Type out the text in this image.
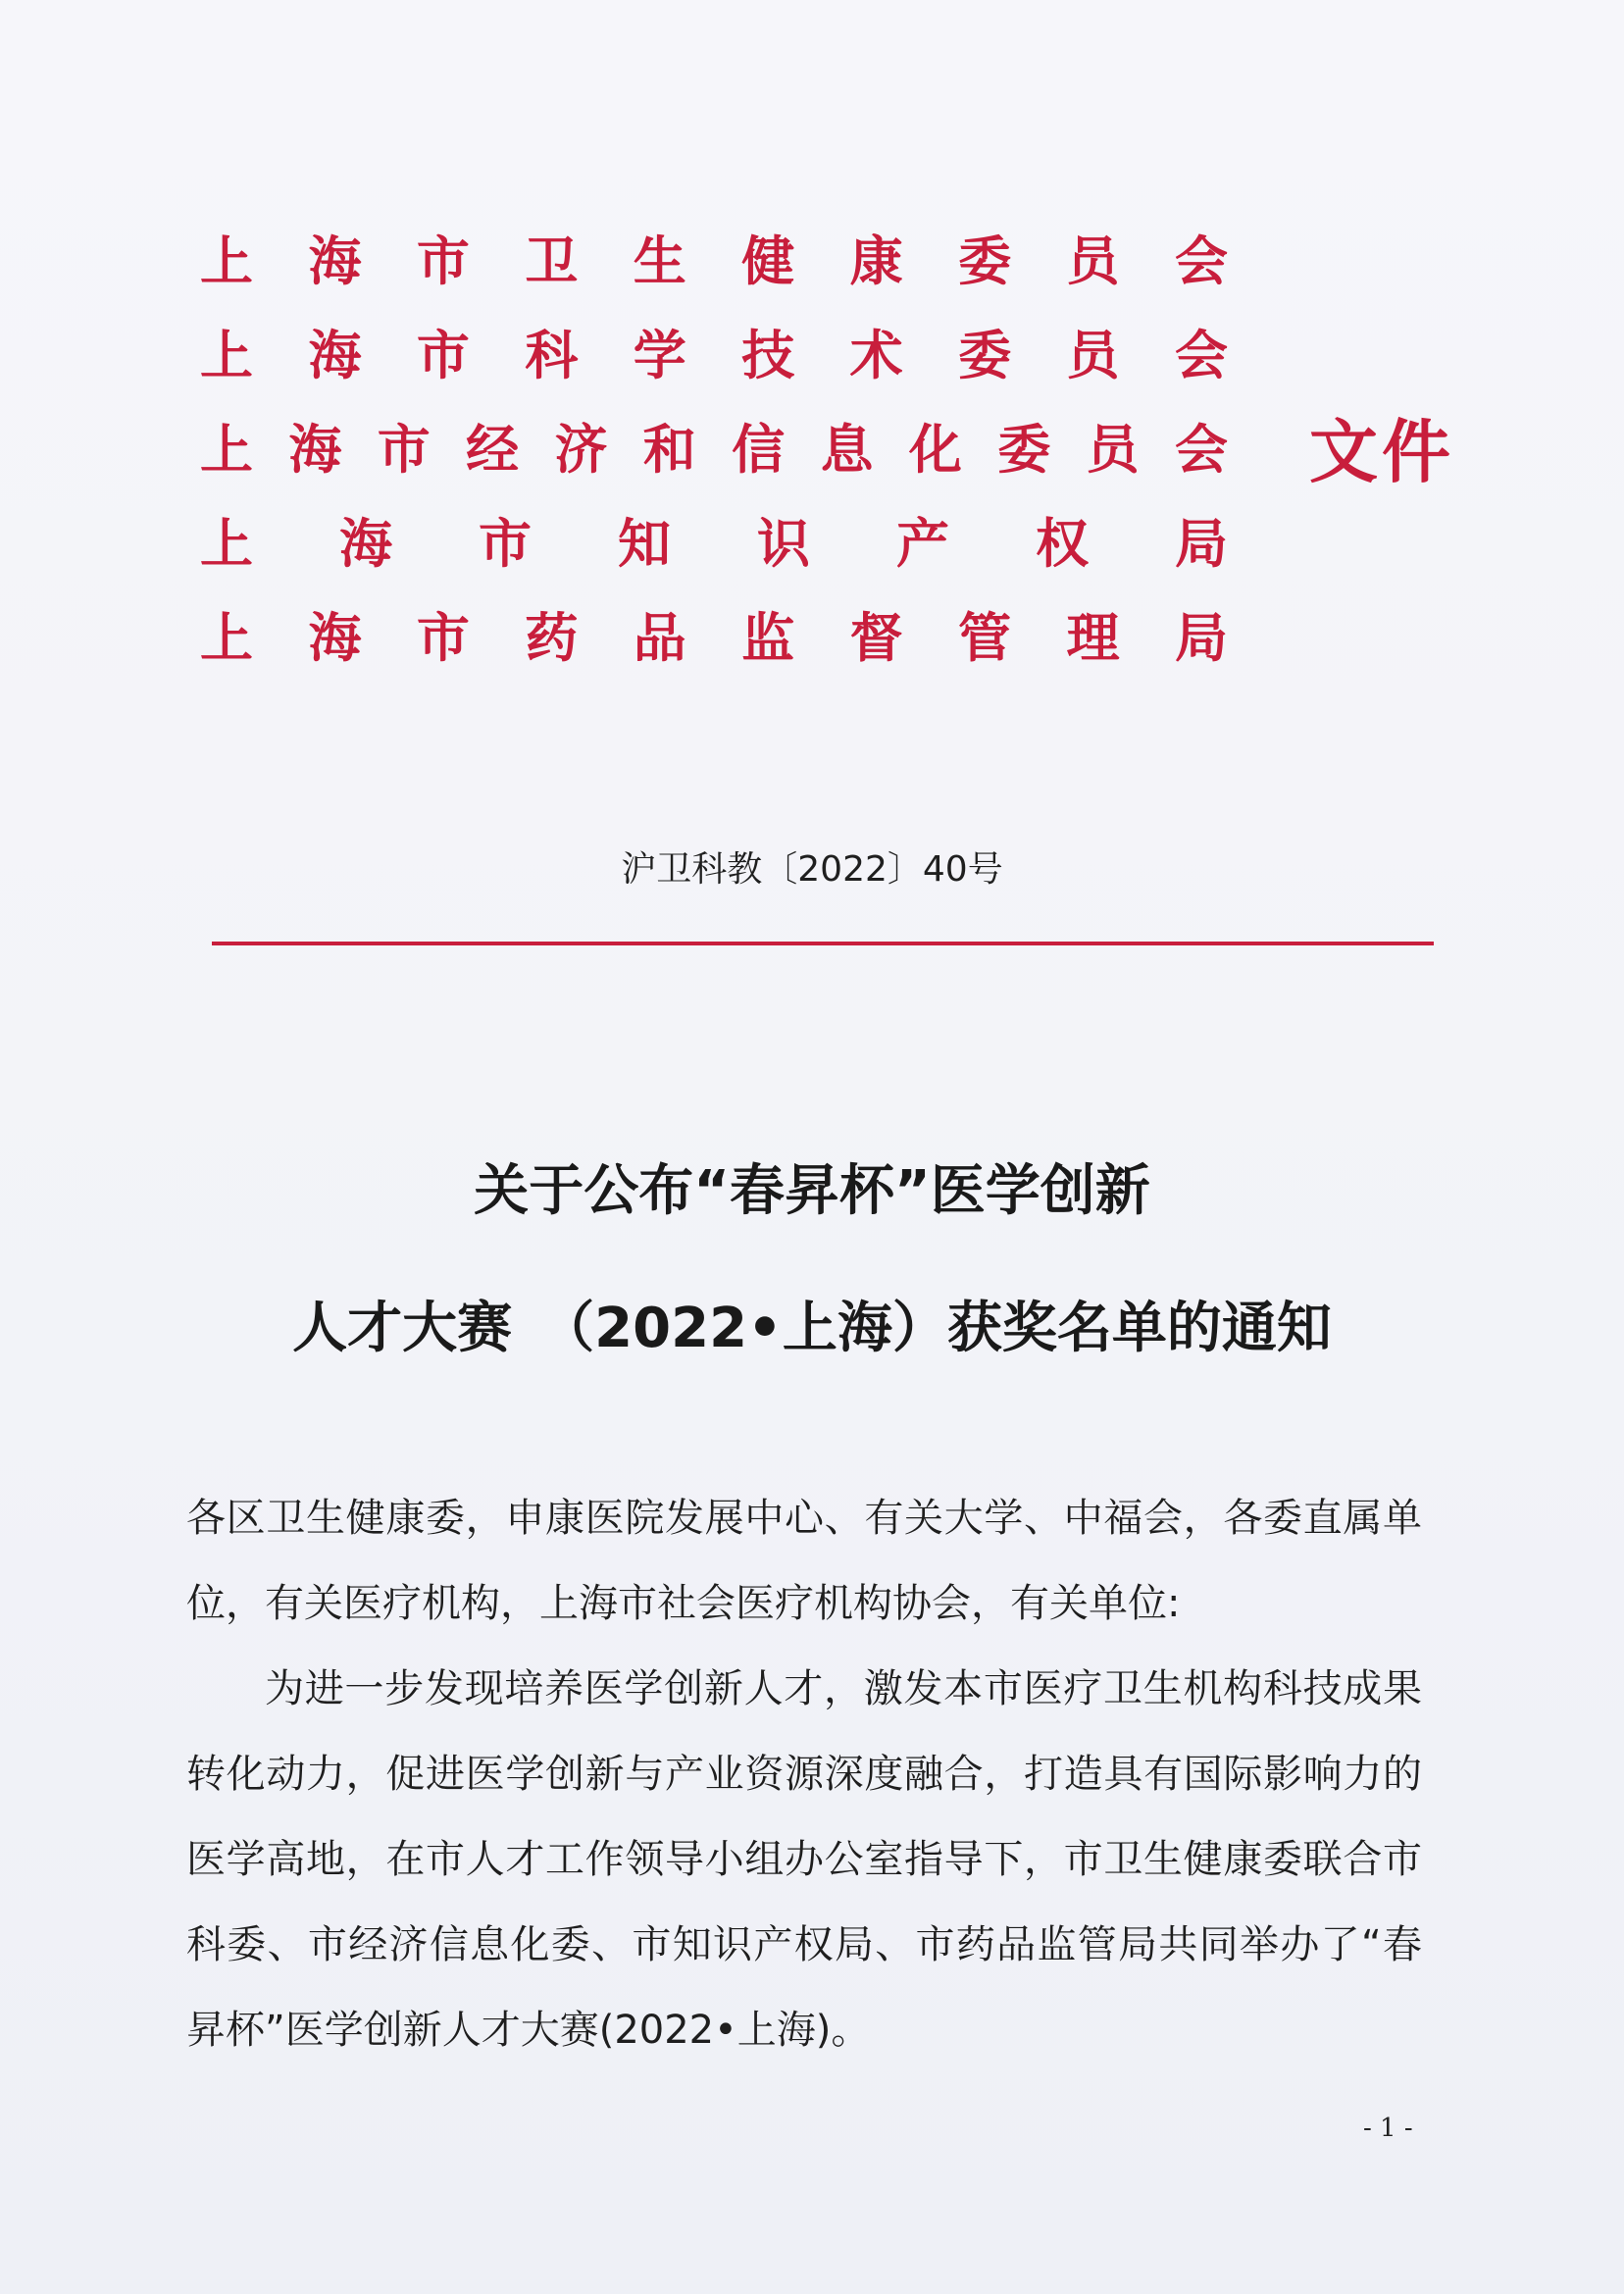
上 海 市 卫 生 健 康 委 员 会
上 海 市 科 学 技 术 委 员 会
上 海 市 经 济 和 信 息 化 委 员 会
上 海 市 知 识 产 权 局
上 海 市 药 品 监 督 管 理 局
文件
沪卫科教〔2022〕40号
关于公布“春昇杯”医学创新
人才大赛　（2022•上海）获奖名单的通知

各区卫生健康委，申康医院发展中心、有关大学、中福会，各委直属单位，有关医疗机构，上海市社会医疗机构协会，有关单位:

为进一步发现培养医学创新人才，激发本市医疗卫生机构科技成果转化动力，促进医学创新与产业资源深度融合，打造具有国际影响力的医学高地，在市人才工作领导小组办公室指导下，市卫生健康委联合市科委、市经济信息化委、市知识产权局、市药品监管局共同举办了“春昇杯”医学创新人才大赛(2022•上海)。

- 1 -
